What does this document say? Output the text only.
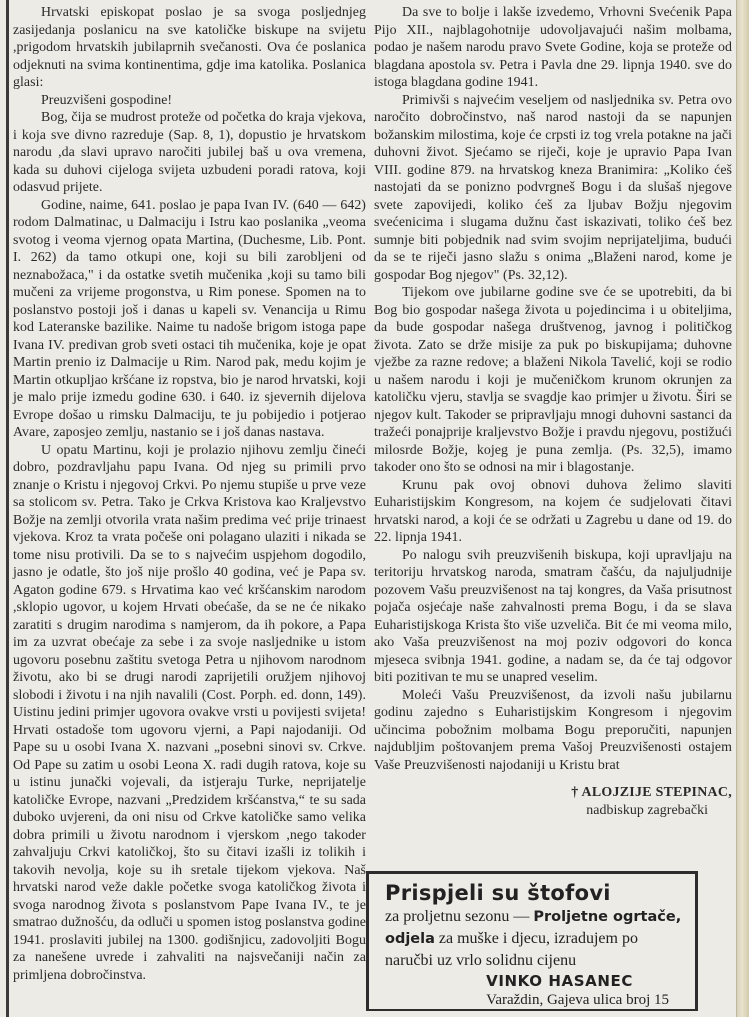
Hrvatski episkopat poslao je sa svoga posljednjeg zasijedanja poslanicu na sve katoličke biskupe na svijetu ,prigodom hrvatskih jubilaprnih svečanosti. Ova će poslanica odjeknuti na svima kontinentima, gdje ima katolika. Poslanica glasi:

Preuzvišeni gospodine!

Bog, čija se mudrost proteže od početka do kraja vjekova, i koja sve divno razreduje (Sap. 8, 1), dopustio je hrvatskom narodu ,da slavi upravo naročiti jubilej baš u ova vremena, kada su duhovi cijeloga svijeta uzbudeni poradi ratova, koji odasvud prijete.

Godine, naime, 641. poslao je papa Ivan IV. (640 — 642) rodom Dalmatinac, u Dalmaciju i Istru kao poslanika „veoma svotog i veoma vjernog opata Martina, (Duchesme, Lib. Pont. I. 262) da tamo otkupi one, koji su bili zarobljeni od neznabožaca," i da ostatke svetih mučenika ,koji su tamo bili mučeni za vrijeme progonstva, u Rim ponese. Spomen na to poslanstvo postoji još i danas u kapeli sv. Venancija u Rimu kod Lateranske bazilike. Naime tu nadoše brigom istoga pape Ivana IV. predivan grob sveti ostaci tih mučenika, koje je opat Martin prenio iz Dalmacije u Rim. Narod pak, medu kojim je Martin otkupljao kršćane iz ropstva, bio je narod hrvatski, koji je malo prije izmedu godine 630. i 640. iz sjevernih dijelova Evrope došao u rimsku Dalmaciju, te ju pobijedio i potjerao Avare, zaposjeo zemlju, nastanio se i još danas nastava.

U opatu Martinu, koji je prolazio njihovu zemlju čineći dobro, pozdravljahu papu Ivana. Od njeg su primili prvo znanje o Kristu i njegovoj Crkvi. Po njemu stupiše u prve veze sa stolicom sv. Petra. Tako je Crkva Kristova kao Kraljevstvo Božje na zemlji otvorila vrata našim predima već prije trinaest vjekova. Kroz ta vrata počeše oni polagano ulaziti i nikada se tome nisu protivili. Da se to s najvećim uspjehom dogodilo, jasno je odatle, što još nije prošlo 40 godina, već je Papa sv. Agaton godine 679. s Hrvatima kao već kršćanskim narodom ,sklopio ugovor, u kojem Hrvati obećaše, da se ne će nikako zaratiti s drugim narodima s namjerom, da ih pokore, a Papa im za uzvrat obećaje za sebe i za svoje nasljednike u istom ugovoru posebnu zaštitu svetoga Petra u njihovom narodnom životu, ako bi se drugi narodi zaprijetili oružjem njihovoj slobodi i životu i na njih navalili (Cost. Porph. ed. donn, 149). Uistinu jedini primjer ugovora ovakve vrsti u povijesti svijeta! Hrvati ostadoše tom ugovoru vjerni, a Papi najodaniji. Od Pape su u osobi Ivana X. nazvani „posebni sinovi sv. Crkve. Od Pape su zatim u osobi Leona X. radi dugih ratova, koje su u istinu junački vojevali, da istjeraju Turke, neprijatelje katoličke Evrope, nazvani „Predzidem kršćanstva,“ te su sada duboko uvjereni, da oni nisu od Crkve katoličke samo velika dobra primili u životu narodnom i vjerskom ,nego takoder zahvaljuju Crkvi katoličkoj, što su čitavi izašli iz tolikih i takovih nevolja, koje su ih sretale tijekom vjekova. Naš hrvatski narod veže dakle početke svoga katoličkog života i svoga narodnog života s poslanstvom Pape Ivana IV., te je smatrao dužnošću, da odluči u spomen istog poslanstva godine 1941. proslaviti jubilej na 1300. godišnjicu, zadovoljiti Bogu za nanešene uvrede i zahvaliti na najsvečaniji način za primljena dobročinstva.

Da sve to bolje i lakše izvedemo, Vrhovni Svećenik Papa Pijo XII., najblagohotnije udovoljavajući našim molbama, podao je našem narodu pravo Svete Godine, koja se proteže od blagdana apostola sv. Petra i Pavla dne 29. lipnja 1940. sve do istoga blagdana godine 1941.

Primivši s najvećim veseljem od nasljednika sv. Petra ovo naročito dobročinstvo, naš narod nastoji da se napunjen božanskim milostima, koje će crpsti iz tog vrela potakne na jači duhovni život. Sjećamo se riječi, koje je upravio Papa Ivan VIII. godine 879. na hrvatskog kneza Branimira: „Koliko ćeš nastojati da se ponizno podvrgneš Bogu i da slušaš njegove svete zapovijedi, koliko ćeš za ljubav Božju njegovim svećenicima i slugama dužnu čast iskazivati, toliko ćeš bez sumnje biti pobjednik nad svim svojim neprijateljima, budući da se te riječi jasno slažu s onima „Blaženi narod, kome je gospodar Bog njegov" (Ps. 32,12).

Tijekom ove jubilarne godine sve će se upotrebiti, da bi Bog bio gospodar našega života u pojedincima i u obiteljima, da bude gospodar našega društvenog, javnog i političkog života. Zato se drže misije za puk po biskupijama; duhovne vježbe za razne redove; a blaženi Nikola Tavelić, koji se rodio u našem narodu i koji je mučeničkom krunom okrunjen za katoličku vjeru, stavlja se svagdje kao primjer u životu. Širi se njegov kult. Takoder se pripravljaju mnogi duhovni sastanci da tražeći ponajprije kraljevstvo Božje i pravdu njegovu, postižući milosrde Božje, kojeg je puna zemlja. (Ps. 32,5), imamo takoder ono što se odnosi na mir i blagostanje.

Krunu pak ovoj obnovi duhova želimo slaviti Euharistijskim Kongresom, na kojem će sudjelovati čitavi hrvatski narod, a koji će se održati u Zagrebu u dane od 19. do 22. lipnja 1941.

Po nalogu svih preuzvišenih biskupa, koji upravljaju na teritoriju hrvatskog naroda, smatram čašću, da najuljudnije pozovem Vašu preuzvišenost na taj kongres, da Vaša prisutnost pojača osjećaje naše zahvalnosti prema Bogu, i da se slava Euharistijskoga Krista što više uzveliča. Bit će mi veoma milo, ako Vaša preuzvišenost na moj poziv odgovori do konca mjeseca svibnja 1941. godine, a nadam se, da će taj odgovor biti pozitivan te mu se unapred veselim.

Moleći Vašu Preuzvišenost, da izvoli našu jubilarnu godinu zajedno s Euharistijskim Kongresom i njegovim učincima pobožnim molbama Bogu preporučiti, napunjen najdubljim poštovanjem prema Vašoj Preuzvišenosti ostajem Vaše Preuzvišenosti najodaniji u Kristu brat

† ALOJZIJE STEPINAC,
nadbiskup zagrebački
Prispjeli su štofovi
za proljetnu sezonu — Proljetne ogrtače,
odjela za muške i djecu, izradujem po
naručbi uz vrlo solidnu cijenu
VINKO HASANEC
Varaždin, Gajeva ulica broj 15
